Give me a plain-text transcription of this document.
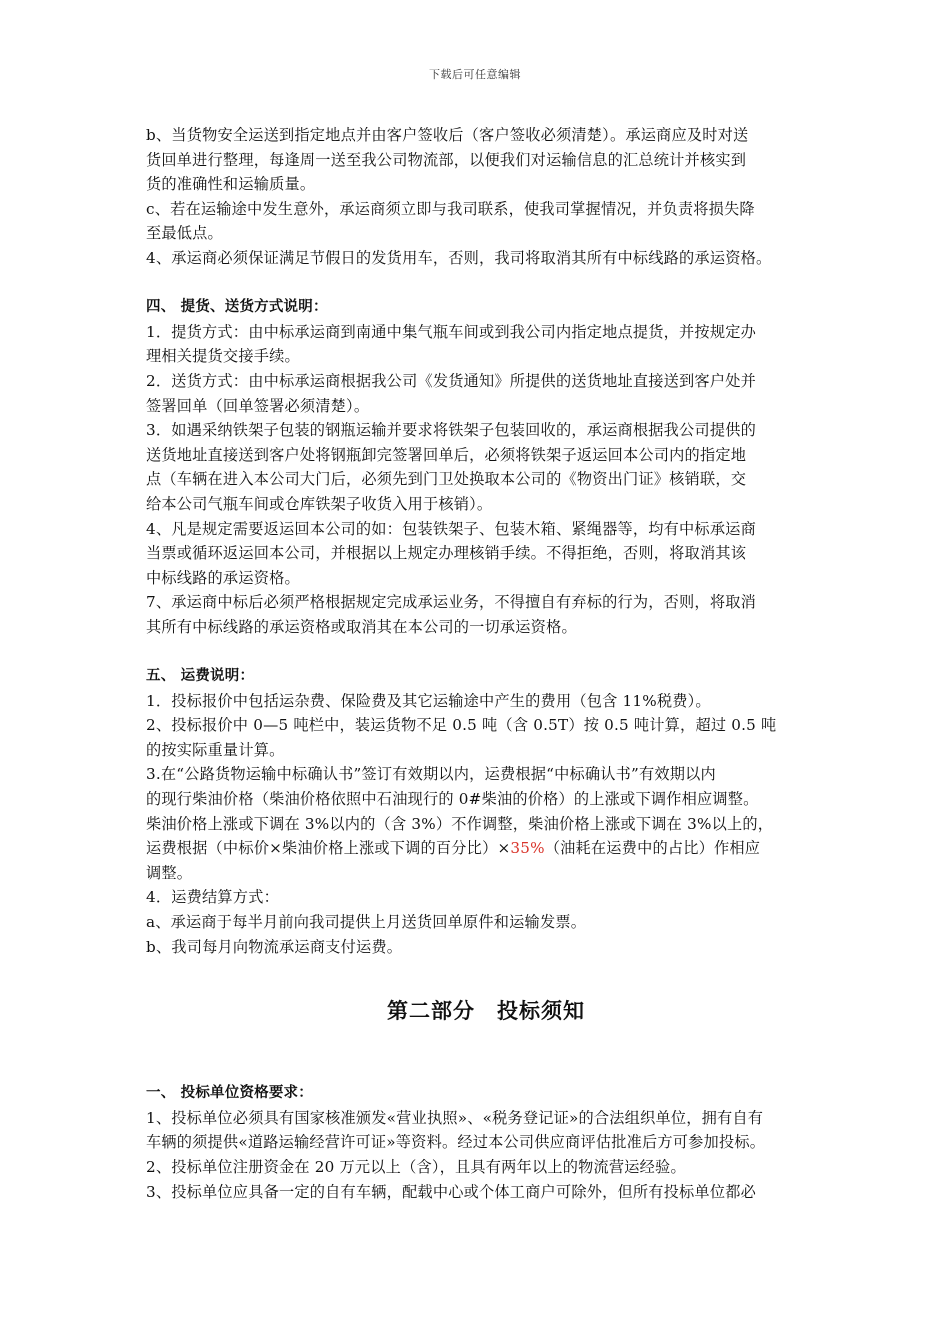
下载后可任意编辑
b、当货物安全运送到指定地点并由客户签收后（客户签收必须清楚）。承运商应及时对送
货回单进行整理，每逢周一送至我公司物流部，以便我们对运输信息的汇总统计并核实到
货的准确性和运输质量。
c、若在运输途中发生意外，承运商须立即与我司联系，使我司掌握情况，并负责将损失降
至最低点。
4、承运商必须保证满足节假日的发货用车，否则，我司将取消其所有中标线路的承运资格。
四、 提货、送货方式说明：
1．提货方式：由中标承运商到南通中集气瓶车间或到我公司内指定地点提货，并按规定办
理相关提货交接手续。
2．送货方式：由中标承运商根据我公司《发货通知》所提供的送货地址直接送到客户处并
签署回单（回单签署必须清楚）。
3．如遇采纳铁架子包装的钢瓶运输并要求将铁架子包装回收的，承运商根据我公司提供的
送货地址直接送到客户处将钢瓶卸完签署回单后，必须将铁架子返运回本公司内的指定地
点（车辆在进入本公司大门后，必须先到门卫处换取本公司的《物资出门证》核销联，交
给本公司气瓶车间或仓库铁架子收货入用于核销）。
4、凡是规定需要返运回本公司的如：包装铁架子、包装木箱、紧绳器等，均有中标承运商
当票或循环返运回本公司，并根据以上规定办理核销手续。不得拒绝，否则，将取消其该
中标线路的承运资格。
7、承运商中标后必须严格根据规定完成承运业务，不得擅自有弃标的行为，否则，将取消
其所有中标线路的承运资格或取消其在本公司的一切承运资格。
五、 运费说明：
1．投标报价中包括运杂费、保险费及其它运输途中产生的费用（包含 11%税费）。
2、投标报价中 0—5 吨栏中，装运货物不足 0.5 吨（含 0.5T）按 0.5 吨计算，超过 0.5 吨
的按实际重量计算。
3.在“公路货物运输中标确认书”签订有效期以内，运费根据“中标确认书”有效期以内
的现行柴油价格（柴油价格依照中石油现行的 0#柴油的价格）的上涨或下调作相应调整。
柴油价格上涨或下调在 3%以内的（含 3%）不作调整，柴油价格上涨或下调在 3%以上的，
运费根据（中标价×柴油价格上涨或下调的百分比）×35%（油耗在运费中的占比）作相应
调整。
4．运费结算方式：
a、承运商于每半月前向我司提供上月送货回单原件和运输发票。
b、我司每月向物流承运商支付运费。
第二部分　投标须知
一、 投标单位资格要求：
1、投标单位必须具有国家核准颁发«营业执照»、«税务登记证»的合法组织单位，拥有自有
车辆的须提供«道路运输经营许可证»等资料。经过本公司供应商评估批准后方可参加投标。
2、投标单位注册资金在 20 万元以上（含），且具有两年以上的物流营运经验。
3、投标单位应具备一定的自有车辆，配载中心或个体工商户可除外，但所有投标单位都必
